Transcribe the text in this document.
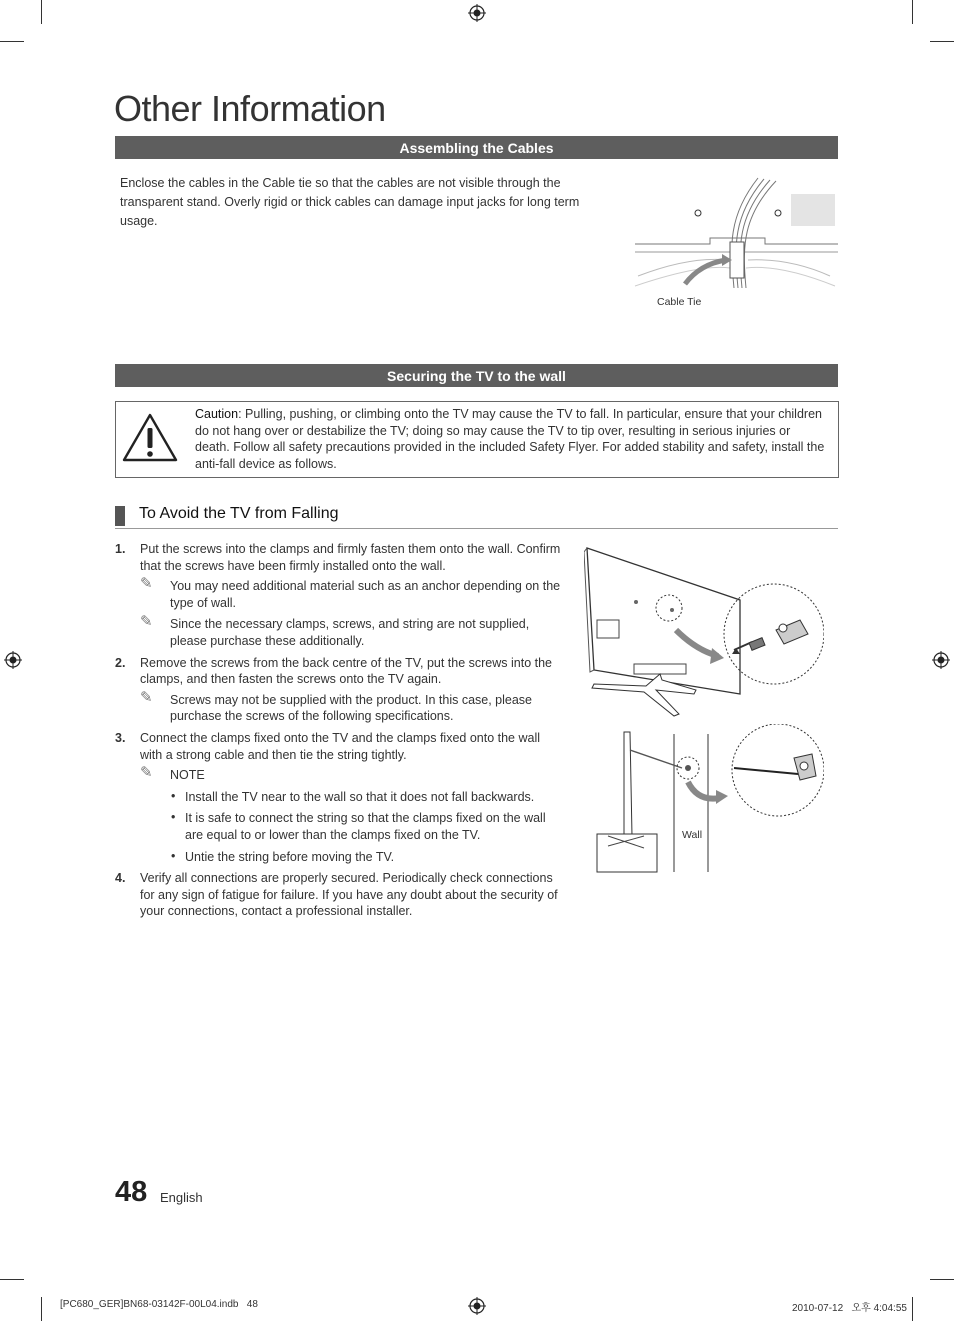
Other Information
Assembling the Cables
Enclose the cables in the Cable tie so that the cables are not visible through the transparent stand. Overly rigid or thick cables can damage input jacks for long term usage.
Cable Tie
Securing the TV to the wall
Caution: Pulling, pushing, or climbing onto the TV may cause the TV to fall. In particular, ensure that your children do not hang over or destabilize the TV; doing so may cause the TV to tip over, resulting in serious injuries or death. Follow all safety precautions provided in the included Safety Flyer. For added stability and safety, install the anti-fall device as follows.
To Avoid the TV from Falling
1. Put the screws into the clamps and firmly fasten them onto the wall. Confirm that the screws have been firmly installed onto the wall.
✎ You may need additional material such as an anchor depending on the type of wall.
✎ Since the necessary clamps, screws, and string are not supplied, please purchase these additionally.
2. Remove the screws from the back centre of the TV, put the screws into the clamps, and then fasten the screws onto the TV again.
✎ Screws may not be supplied with the product. In this case, please purchase the screws of the following specifications.
3. Connect the clamps fixed onto the TV and the clamps fixed onto the wall with a strong cable and then tie the string tightly.
✎ NOTE
• Install the TV near to the wall so that it does not fall backwards.
• It is safe to connect the string so that the clamps fixed on the wall are equal to or lower than the clamps fixed on the TV.
• Untie the string before moving the TV.
4. Verify all connections are properly secured. Periodically check connections for any sign of fatigue for failure. If you have any doubt about the security of your connections, contact a professional installer.
Wall
48 English
[PC680_GER]BN68-03142F-00L04.indb   48	2010-07-12   오후 4:04:55
